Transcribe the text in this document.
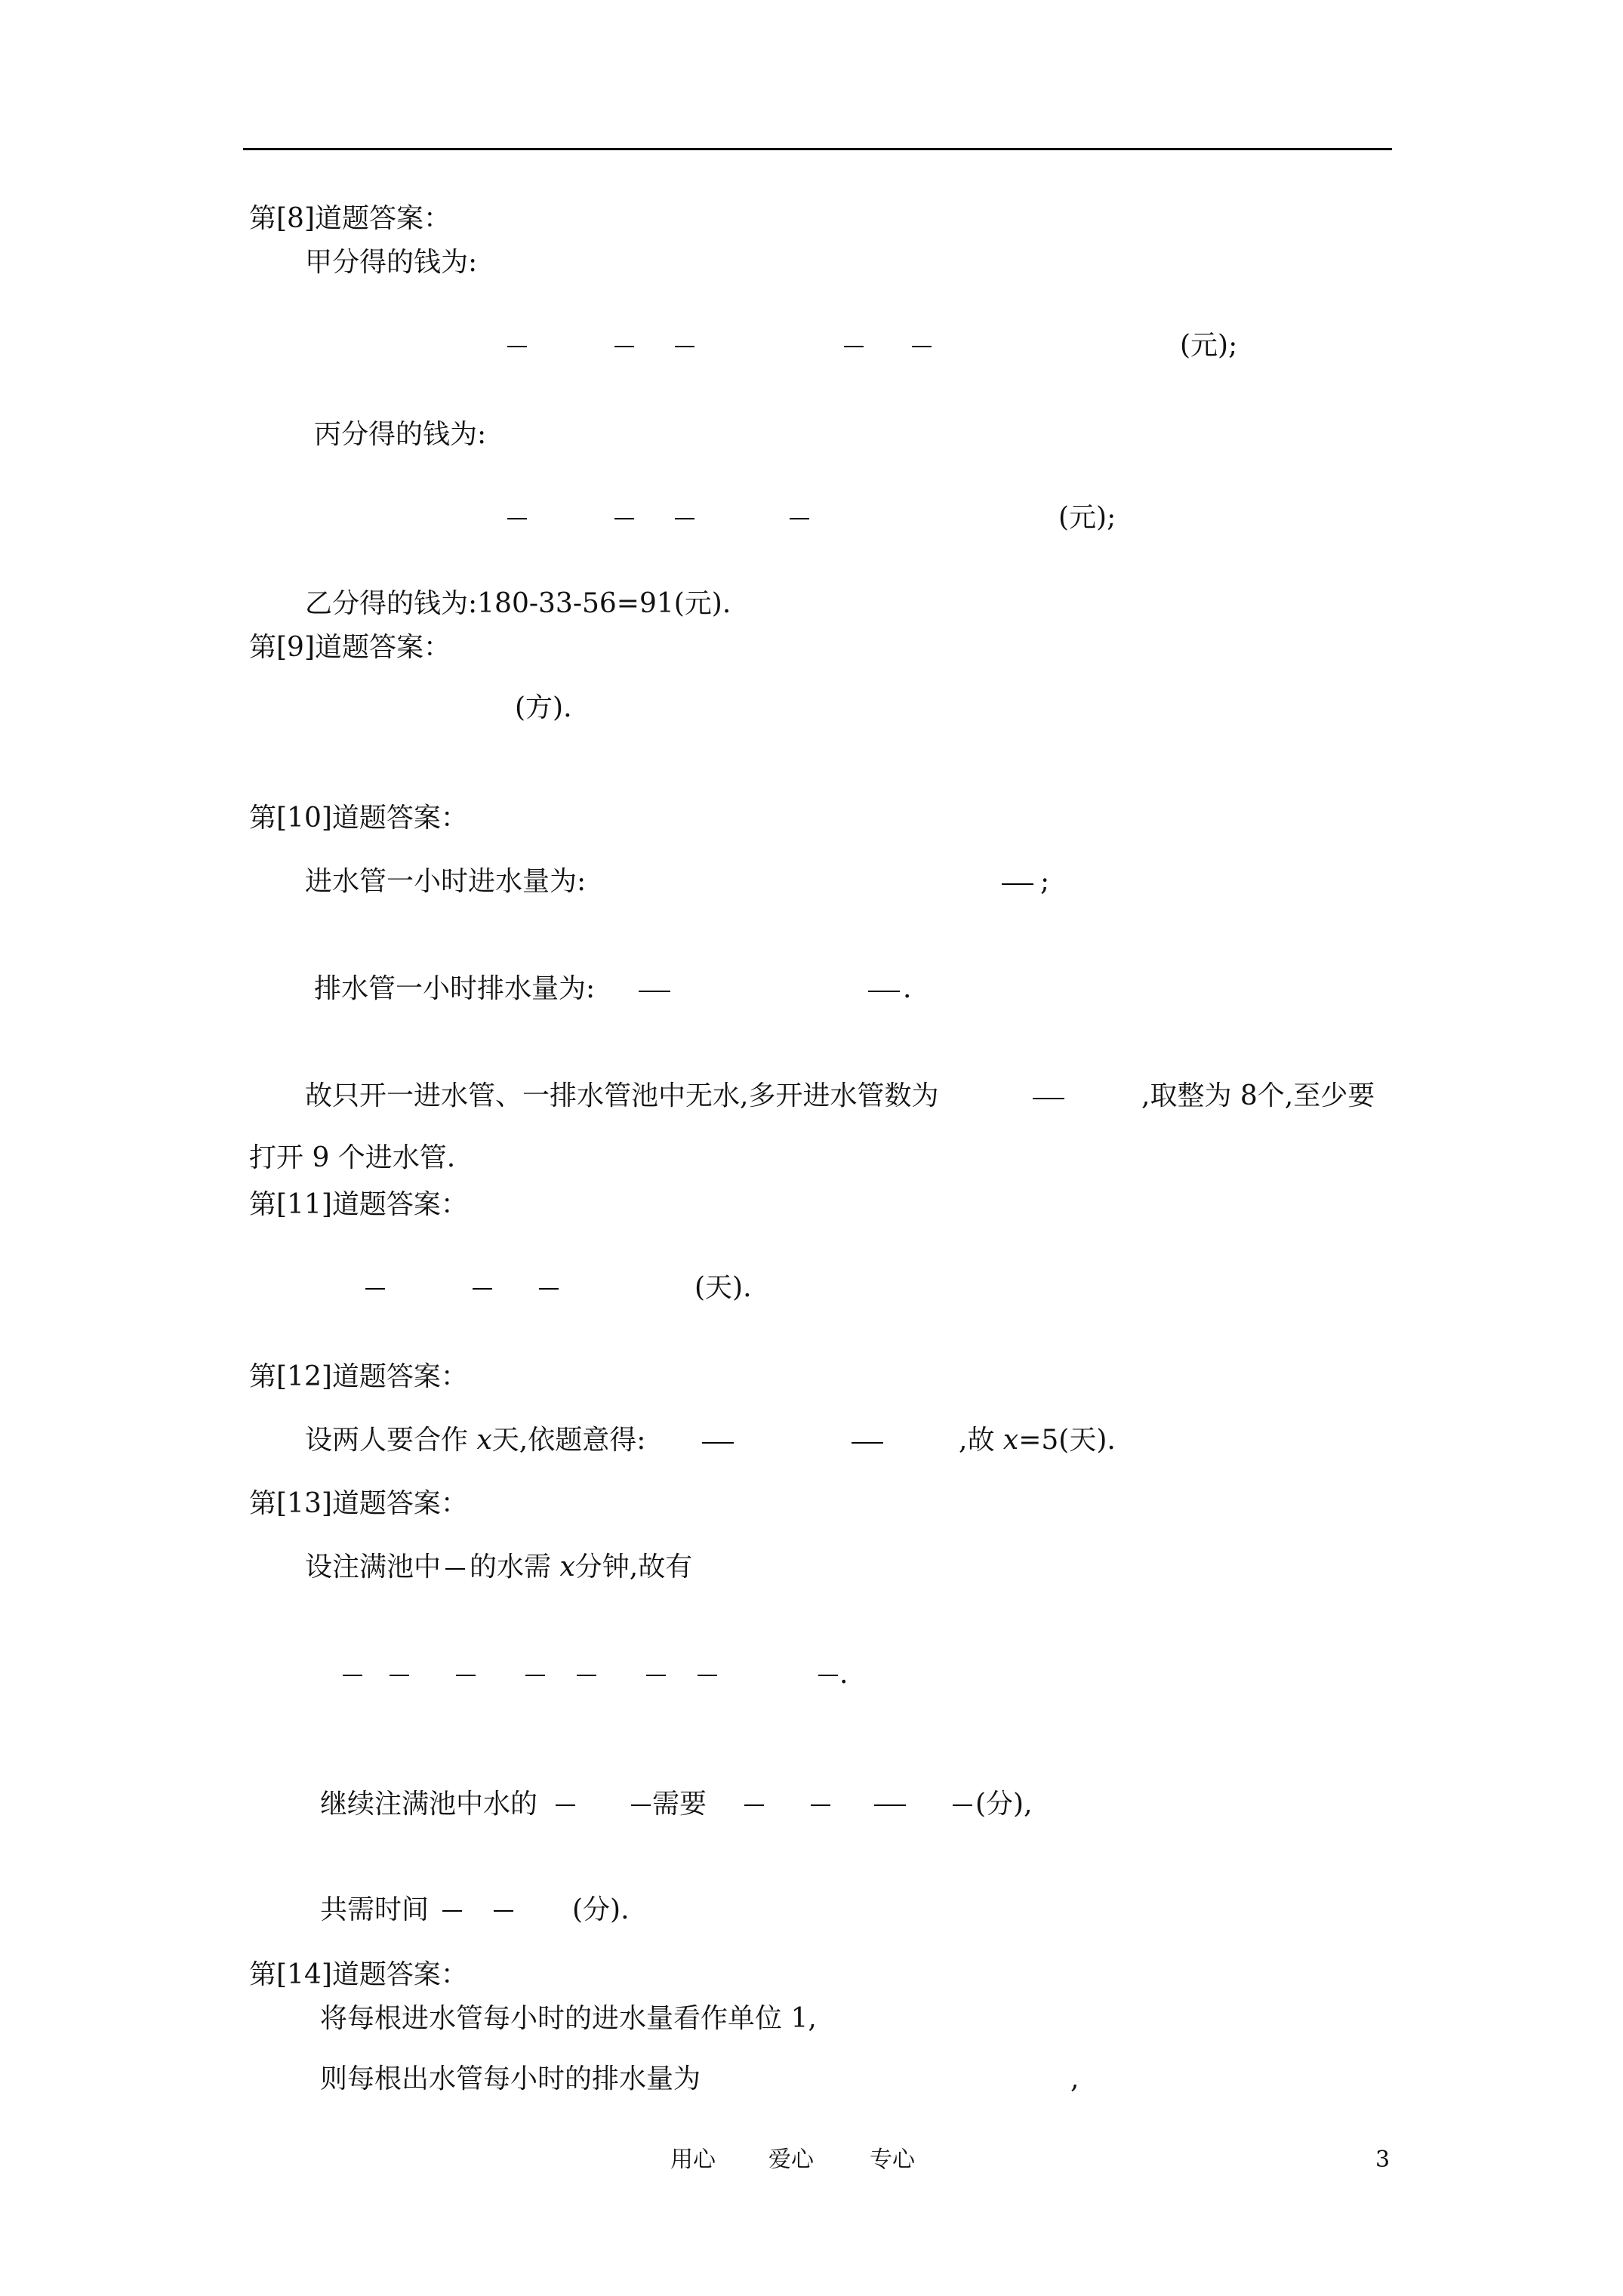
第[8]道题答案：
甲分得的钱为:
(元);
丙分得的钱为:
(元);
乙分得的钱为:180-33-56=91(元).
第[9]道题答案：
(方).
第[10]道题答案：
进水管一小时进水量为:	;
排水管一小时排水量为:	.
故只开一进水管、一排水管池中无水,多开进水管数为	,取整为 8个,至少要
打开 9 个进水管.
第[11]道题答案：
(天).
第[12]道题答案：
设两人要合作 x天,依题意得:	,故 x=5(天).
第[13]道题答案：
设注满池中 的水需 x分钟,故有
.
继续注满池中水的	需要	(分),
共需时间	(分).
第[14]道题答案：
将每根进水管每小时的进水量看作单位 1,
则每根出水管每小时的排水量为	,
用心 爱心 专心	3
